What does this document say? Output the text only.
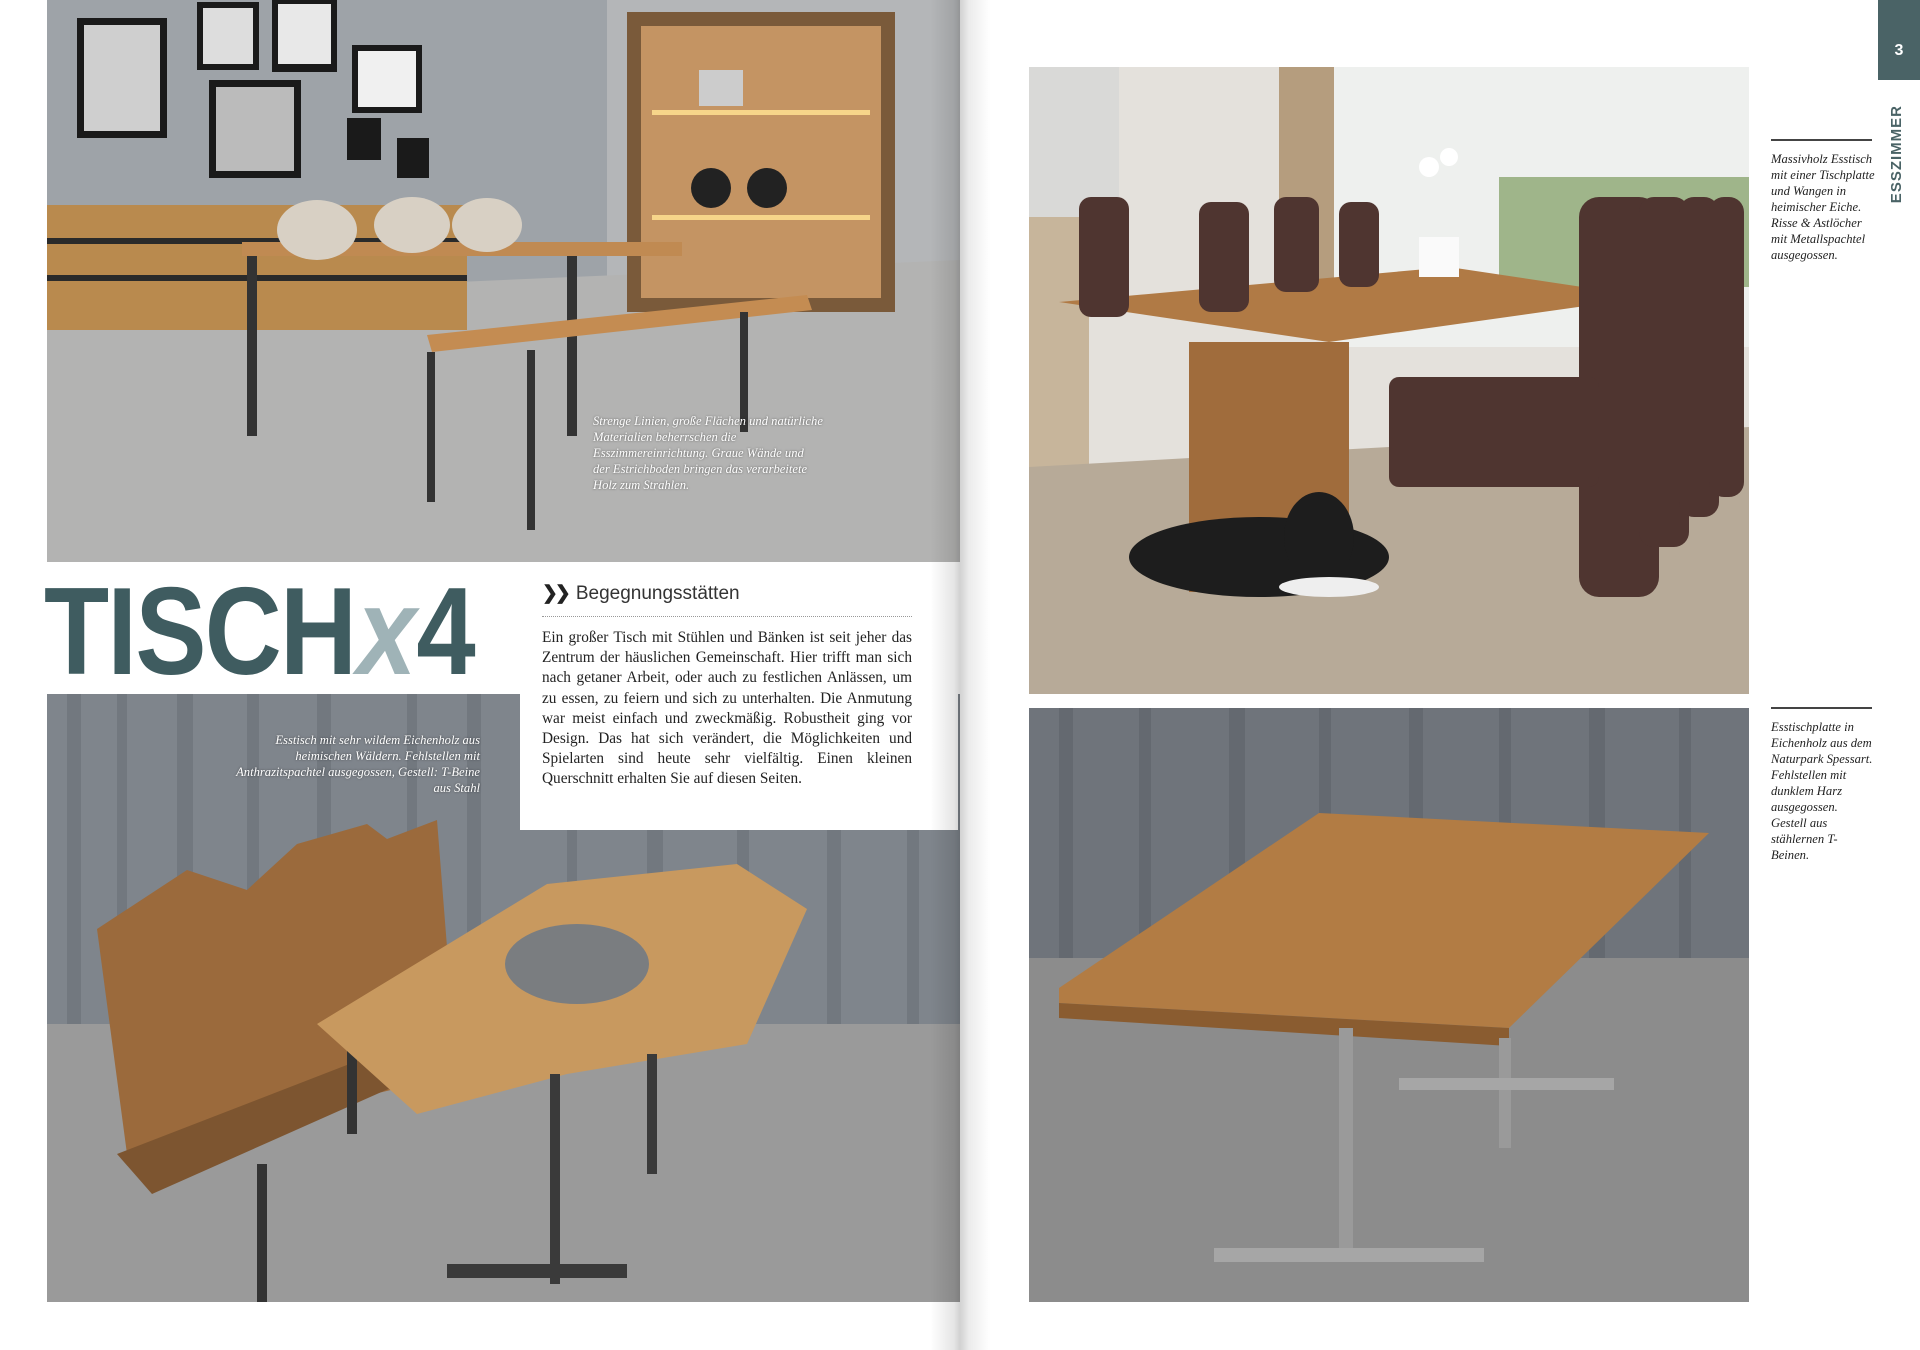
Strenge Linien, große Flächen und natürliche Materialien beherrschen die Esszimmereinrichtung. Graue Wände und der Estrichboden bringen das verarbeitete Holz zum Strahlen.
Esstisch mit sehr wildem Eichenholz aus heimischen Wäldern. Fehlstellen mit Anthrazitspachtel ausgegossen, Gestell: T-Beine aus Stahl
TISCHx4	❯❯ Begegnungsstätten
Ein großer Tisch mit Stühlen und Bänken ist seit jeher das Zentrum der häuslichen Gemeinschaft. Hier trifft man sich nach getaner Arbeit, oder auch zu festlichen Anlässen, um zu essen, zu feiern und sich zu unterhalten. Die Anmutung war meist einfach und zweckmäßig. Robustheit ging vor Design. Das hat sich verändert, die Möglichkeiten und Spielarten sind heute sehr vielfältig. Einen kleinen Querschnitt erhalten Sie auf diesen Seiten.
Massivholz Esstisch mit einer Tischplatte und Wangen in heimischer Eiche. Risse & Astlöcher mit Metallspachtel ausgegossen.
Esstischplatte in Eichenholz aus dem Naturpark Spessart. Fehlstellen mit dunklem Harz ausgegossen. Gestell aus stählernen T-Beinen.
3
ESSZIMMER
